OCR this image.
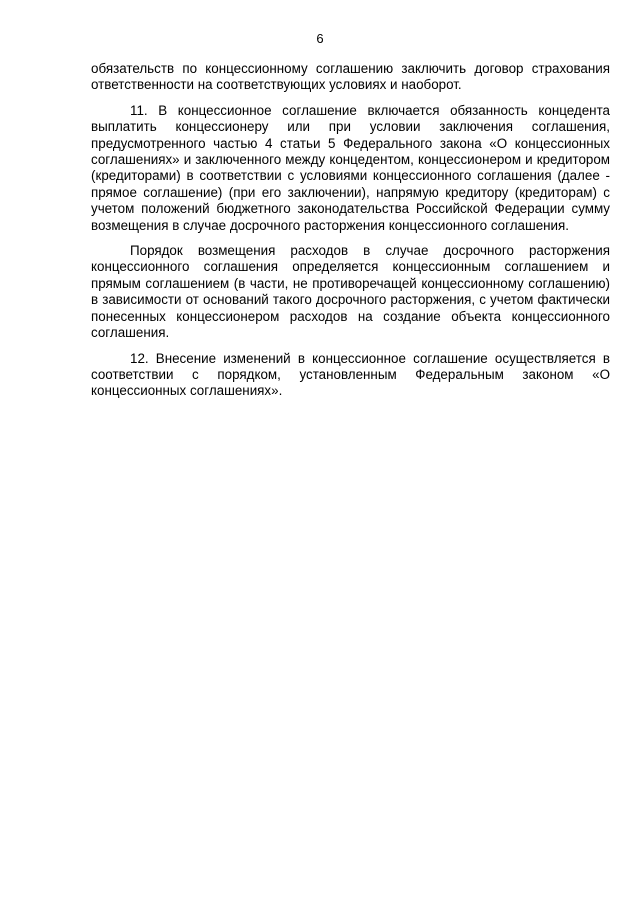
6

обязательств по концессионному соглашению заключить договор страхования ответственности на соответствующих условиях и наоборот.

11. В концессионное соглашение включается обязанность концедента выплатить концессионеру или при условии заключения соглашения, предусмотренного частью 4 статьи 5 Федерального закона «О концессионных соглашениях» и заключенного между концедентом, концессионером и кредитором (кредиторами) в соответствии с условиями концессионного соглашения (далее - прямое соглашение) (при его заключении), напрямую кредитору (кредиторам) с учетом положений бюджетного законодательства Российской Федерации сумму возмещения в случае досрочного расторжения концессионного соглашения.

Порядок возмещения расходов в случае досрочного расторжения концессионного соглашения определяется концессионным соглашением и прямым соглашением (в части, не противоречащей концессионному соглашению) в зависимости от оснований такого досрочного расторжения, с учетом фактически понесенных концессионером расходов на создание объекта концессионного соглашения.

12. Внесение изменений в концессионное соглашение осуществляется в соответствии с порядком, установленным Федеральным законом «О концессионных соглашениях».
